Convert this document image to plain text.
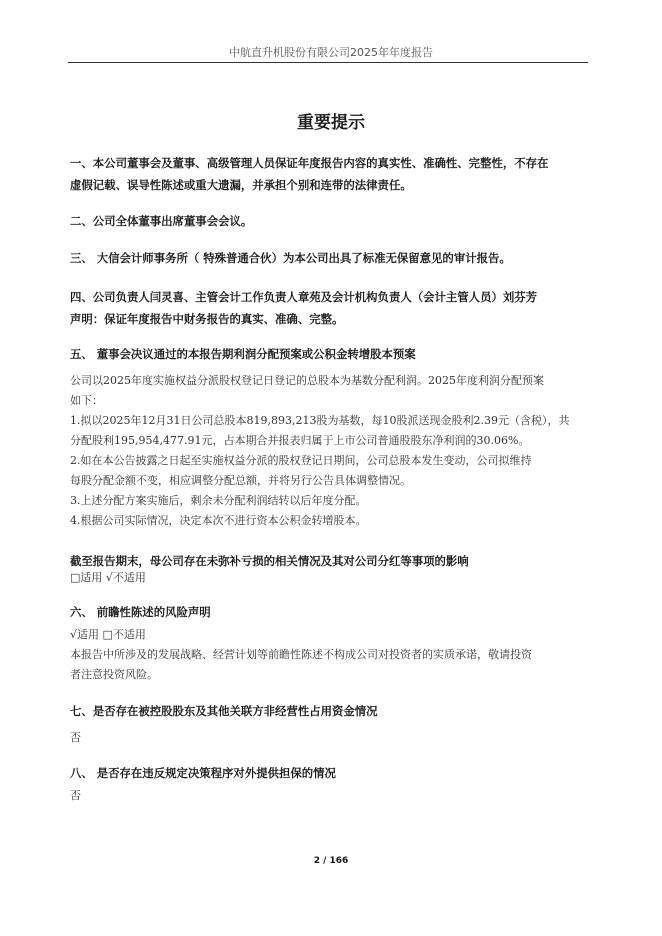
中航直升机股份有限公司2025年年度报告
重要提示
一、本公司董事会及董事、高级管理人员保证年度报告内容的真实性、准确性、完整性，不存在
虚假记载、误导性陈述或重大遗漏，并承担个别和连带的法律责任。
二、公司全体董事出席董事会会议。
三、 大信会计师事务所（ 特殊普通合伙）为本公司出具了标准无保留意见的审计报告。
四、公司负责人闫灵喜、主管会计工作负责人章苑及会计机构负责人（会计主管人员）刘芬芳
声明：保证年度报告中财务报告的真实、准确、完整。
五、 董事会决议通过的本报告期利润分配预案或公积金转增股本预案
公司以2025年度实施权益分派股权登记日登记的总股本为基数分配利润。2025年度利润分配预案
如下：
1.拟以2025年12月31日公司总股本819,893,213股为基数，每10股派送现金股利2.39元（含税），共
分配股利195,954,477.91元，占本期合并报表归属于上市公司普通股股东净利润的30.06%。
2.如在本公告披露之日起至实施权益分派的股权登记日期间，公司总股本发生变动，公司拟维持
每股分配金额不变，相应调整分配总额，并将另行公告具体调整情况。
3.上述分配方案实施后，剩余未分配利润结转以后年度分配。
4.根据公司实际情况，决定本次不进行资本公积金转增股本。
截至报告期末，母公司存在未弥补亏损的相关情况及其对公司分红等事项的影响
□适用 √不适用
六、 前瞻性陈述的风险声明
√适用 □不适用
本报告中所涉及的发展战略、经营计划等前瞻性陈述不构成公司对投资者的实质承诺，敬请投资
者注意投资风险。
七、是否存在被控股股东及其他关联方非经营性占用资金情况
否
八、 是否存在违反规定决策程序对外提供担保的情况
否
2 / 166
